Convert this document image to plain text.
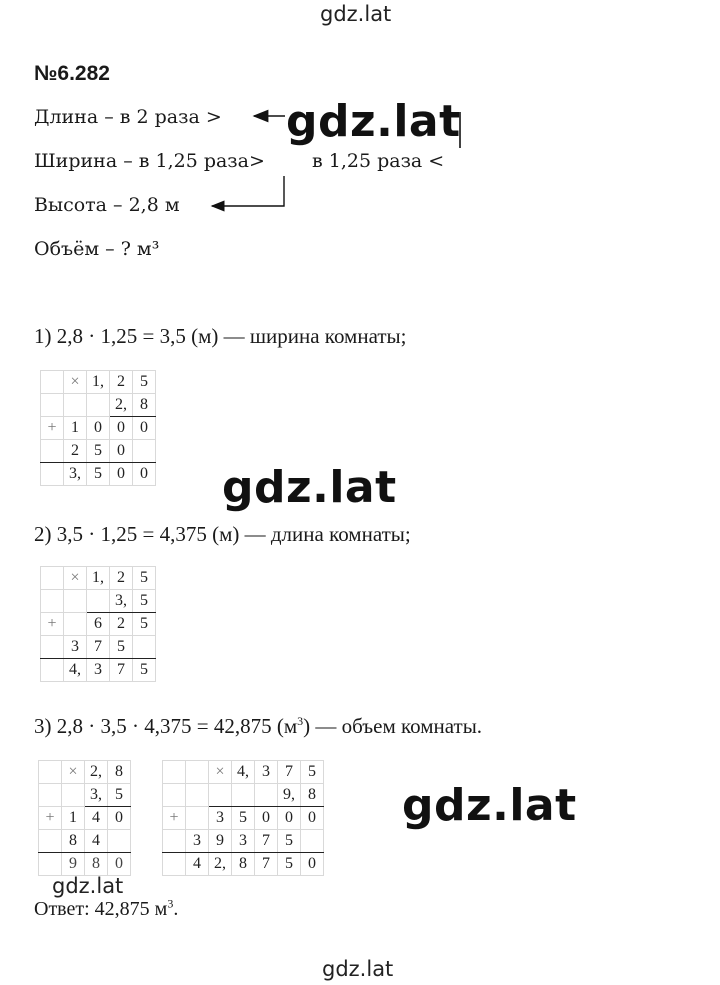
gdz.lat
gdz.lat
gdz.lat
gdz.lat
gdz.lat
gdz.lat
№6.282
Длина – в 2 раза >
Ширина – в 1,25 раза>
Высота – 2,8 м
Объём – ? м³
в 1,25 раза <
1) 2,8 · 1,25 = 3,5 (м) — ширина комнаты;
	×	1,	2	5
			2,	8
+	1	0	0	0
	2	5	0	
	3,	5	0	0
2) 3,5 · 1,25 = 4,375 (м) — длина комнаты;
	×	1,	2	5
			3,	5
+		6	2	5
	3	7	5	
	4,	3	7	5
3) 2,8 · 3,5 · 4,375 = 42,875 $(м^3)$ — объем комнаты.
	×	2,	8
		3,	5
+	1	4	0
	8	4	
	9	8	0
		×	4,	3	7	5
					9,	8
+		3	5	0	0	0
	3	9	3	7	5	
	4	2,	8	7	5	0
Ответ: 42,875 $м^3$.
